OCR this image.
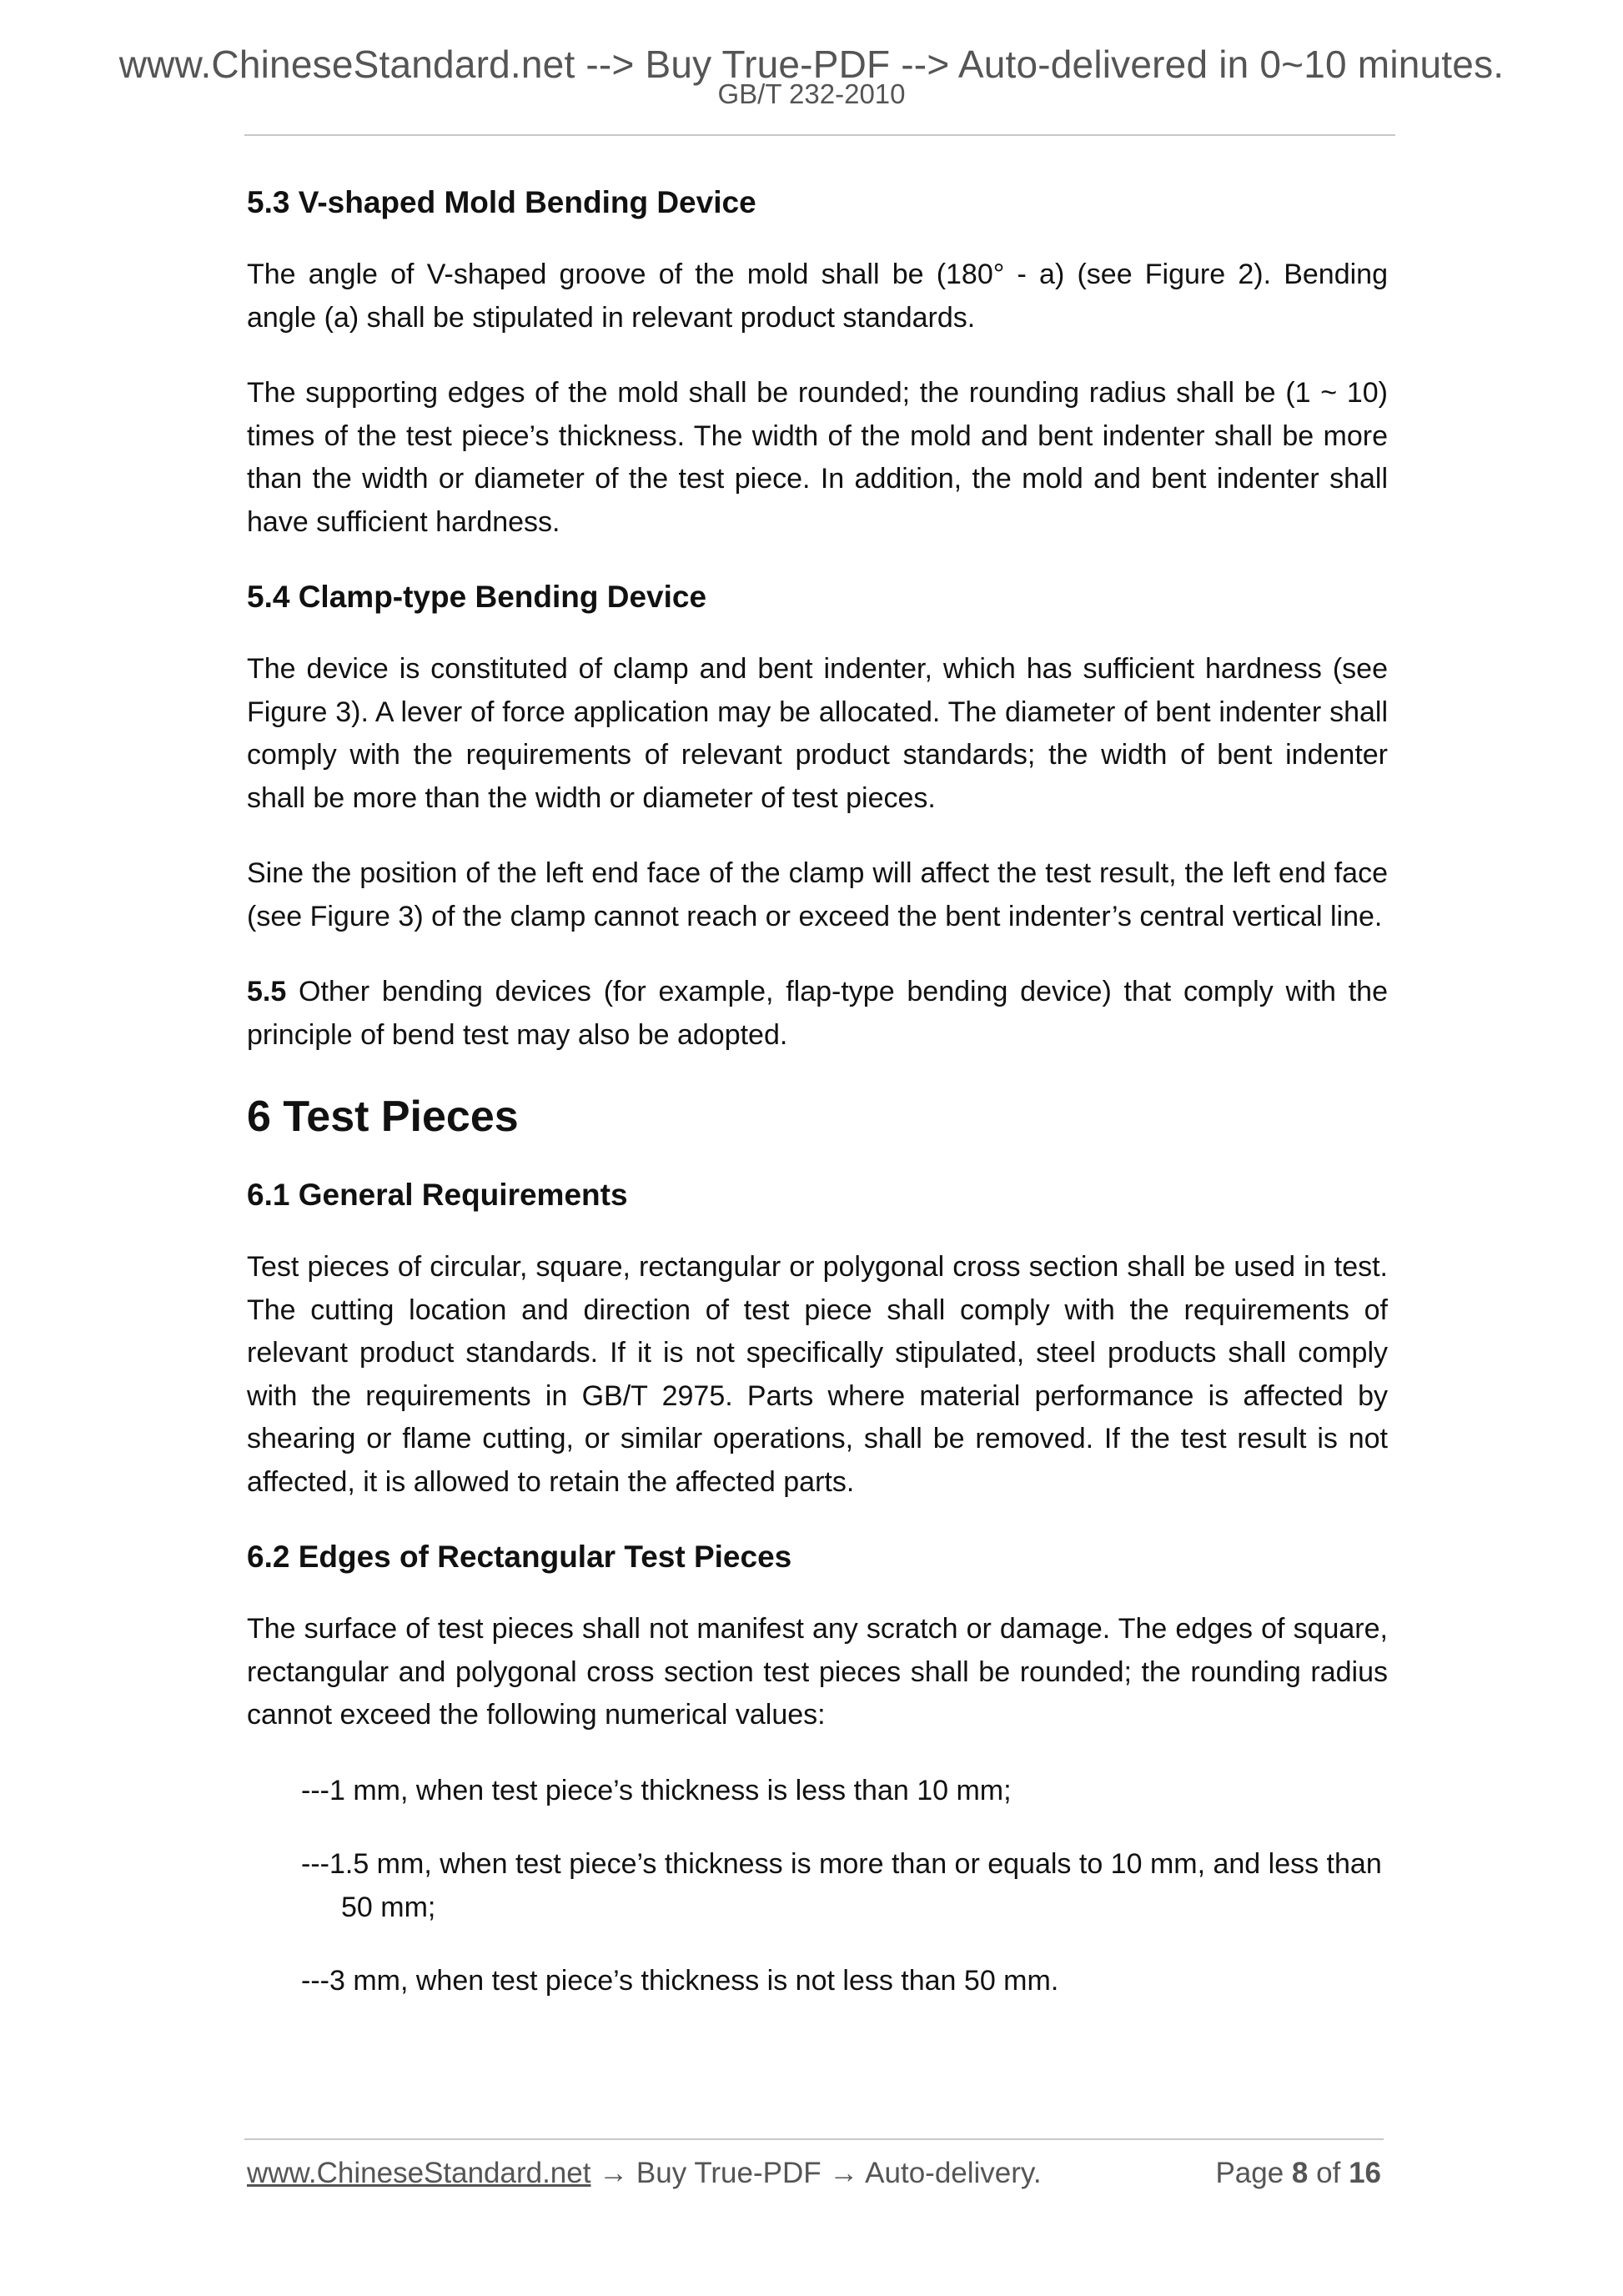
www.ChineseStandard.net --> Buy True-PDF --> Auto-delivered in 0~10 minutes.
GB/T 232-2010
5.3 V-shaped Mold Bending Device
The angle of V-shaped groove of the mold shall be (180° - a) (see Figure 2). Bending angle (a) shall be stipulated in relevant product standards.
The supporting edges of the mold shall be rounded; the rounding radius shall be (1 ~ 10) times of the test piece’s thickness. The width of the mold and bent indenter shall be more than the width or diameter of the test piece. In addition, the mold and bent indenter shall have sufficient hardness.
5.4 Clamp-type Bending Device
The device is constituted of clamp and bent indenter, which has sufficient hardness (see Figure 3). A lever of force application may be allocated. The diameter of bent indenter shall comply with the requirements of relevant product standards; the width of bent indenter shall be more than the width or diameter of test pieces.
Sine the position of the left end face of the clamp will affect the test result, the left end face (see Figure 3) of the clamp cannot reach or exceed the bent indenter’s central vertical line.
5.5 Other bending devices (for example, flap-type bending device) that comply with the principle of bend test may also be adopted.
6 Test Pieces
6.1 General Requirements
Test pieces of circular, square, rectangular or polygonal cross section shall be used in test. The cutting location and direction of test piece shall comply with the requirements of relevant product standards. If it is not specifically stipulated, steel products shall comply with the requirements in GB/T 2975. Parts where material performance is affected by shearing or flame cutting, or similar operations, shall be removed. If the test result is not affected, it is allowed to retain the affected parts.
6.2 Edges of Rectangular Test Pieces
The surface of test pieces shall not manifest any scratch or damage. The edges of square, rectangular and polygonal cross section test pieces shall be rounded; the rounding radius cannot exceed the following numerical values:
---1 mm, when test piece’s thickness is less than 10 mm;
---1.5 mm, when test piece’s thickness is more than or equals to 10 mm, and less than 50 mm;
---3 mm, when test piece’s thickness is not less than 50 mm.
www.ChineseStandard.net → Buy True-PDF → Auto-delivery.	Page 8 of 16
